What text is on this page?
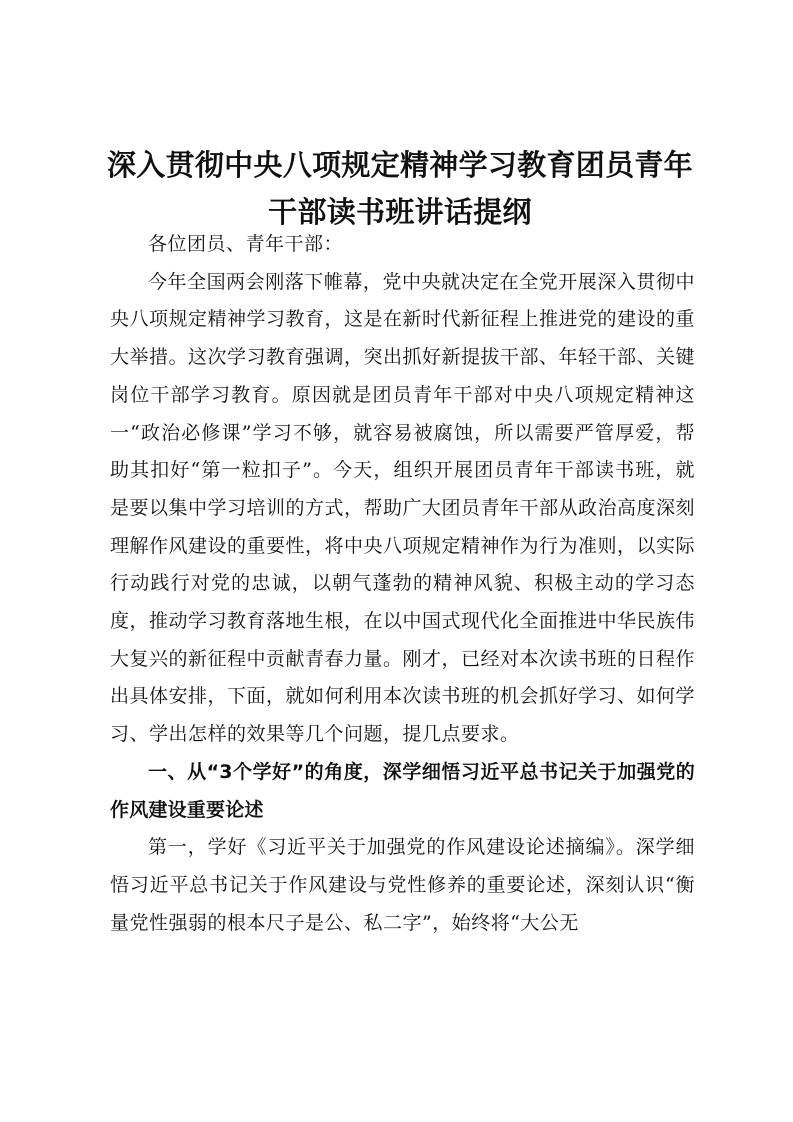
深入贯彻中央八项规定精神学习教育团员青年
干部读书班讲话提纲

各位团员、青年干部：

今年全国两会刚落下帷幕，党中央就决定在全党开展深入贯彻中央八项规定精神学习教育，这是在新时代新征程上推进党的建设的重大举措。这次学习教育强调，突出抓好新提拔干部、年轻干部、关键岗位干部学习教育。原因就是团员青年干部对中央八项规定精神这一“政治必修课”学习不够，就容易被腐蚀，所以需要严管厚爱，帮助其扣好“第一粒扣子”。今天，组织开展团员青年干部读书班，就是要以集中学习培训的方式，帮助广大团员青年干部从政治高度深刻理解作风建设的重要性，将中央八项规定精神作为行为准则，以实际行动践行对党的忠诚，以朝气蓬勃的精神风貌、积极主动的学习态度，推动学习教育落地生根，在以中国式现代化全面推进中华民族伟大复兴的新征程中贡献青春力量。刚才，已经对本次读书班的日程作出具体安排，下面，就如何利用本次读书班的机会抓好学习、如何学习、学出怎样的效果等几个问题，提几点要求。

一、从“3个学好”的角度，深学细悟习近平总书记关于加强党的作风建设重要论述

第一，学好《习近平关于加强党的作风建设论述摘编》。深学细悟习近平总书记关于作风建设与党性修养的重要论述，深刻认识“衡量党性强弱的根本尺子是公、私二字”，始终将“大公无
